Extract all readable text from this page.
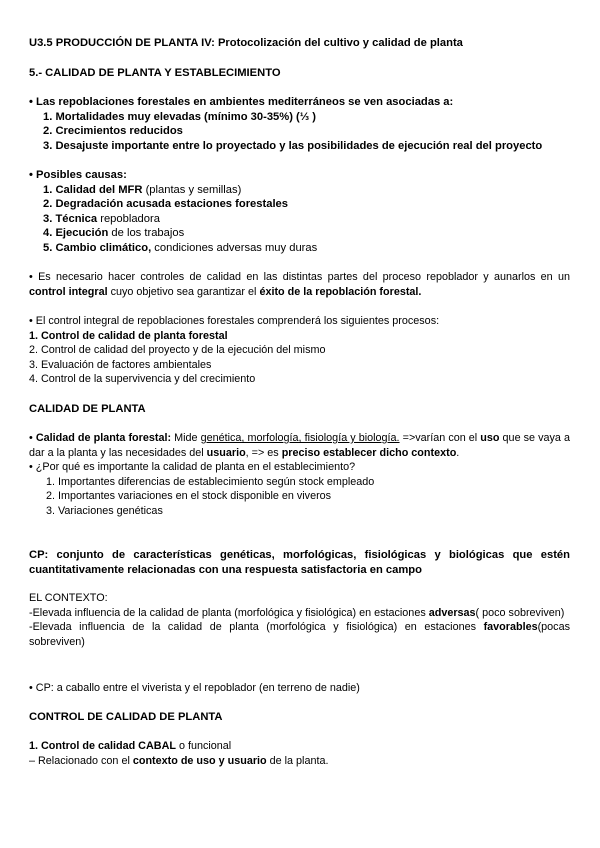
U3.5 PRODUCCIÓN DE PLANTA IV: Protocolización del cultivo y calidad de planta

5.- CALIDAD DE PLANTA Y ESTABLECIMIENTO

• Las repoblaciones forestales en ambientes mediterráneos se ven asociadas a:

1. Mortalidades muy elevadas (mínimo 30-35%) (⅓ )

2. Crecimientos reducidos

3. Desajuste importante entre lo proyectado y las posibilidades de ejecución real del proyecto

• Posibles causas:

1. Calidad del MFR (plantas y semillas)

2. Degradación acusada estaciones forestales

3. Técnica repobladora

4. Ejecución de los trabajos

5. Cambio climático, condiciones adversas muy duras

• Es necesario hacer controles de calidad en las distintas partes del proceso repoblador y aunarlos en un control integral cuyo objetivo sea garantizar el éxito de la repoblación forestal.

• El control integral de repoblaciones forestales comprenderá los siguientes procesos:

1. Control de calidad de planta forestal

2. Control de calidad del proyecto y de la ejecución del mismo

3. Evaluación de factores ambientales

4. Control de la supervivencia y del crecimiento

CALIDAD DE PLANTA

• Calidad de planta forestal: Mide genética, morfología, fisiología y biología. =>varían con el uso que se vaya a dar a la planta y las necesidades del usuario, => es preciso establecer dicho contexto.

• ¿Por qué es importante la calidad de planta en el establecimiento?

1. Importantes diferencias de establecimiento según stock empleado

2. Importantes variaciones en el stock disponible en viveros

3. Variaciones genéticas

CP: conjunto de características genéticas, morfológicas, fisiológicas y biológicas que estén cuantitativamente relacionadas con una respuesta satisfactoria en campo

EL CONTEXTO:

-Elevada influencia de la calidad de planta (morfológica y fisiológica) en estaciones adversas( poco sobreviven)

-Elevada influencia de la calidad de planta (morfológica y fisiológica) en estaciones favorables(pocas sobreviven)

• CP: a caballo entre el viverista y el repoblador (en terreno de nadie)

CONTROL DE CALIDAD DE PLANTA

1. Control de calidad CABAL o funcional

– Relacionado con el contexto de uso y usuario de la planta.
